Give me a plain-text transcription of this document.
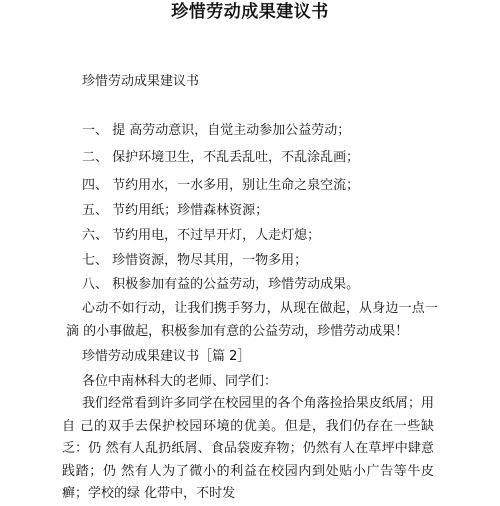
珍惜劳动成果建议书
珍惜劳动成果建议书
一、 提 高劳动意识，自觉主动参加公益劳动；
二、 保护环境卫生，不乱丢乱吐，不乱涂乱画；
四、 节约用水，一水多用，别让生命之泉空流；
五、 节约用纸；珍惜森林资源；
六、 节约用电，不过早开灯，人走灯熄；
七、 珍惜资源，物尽其用，一物多用；
八、 积极参加有益的公益劳动，珍惜劳动成果。
心动不如行动，让我们携手努力，从现在做起，从身边一点一滴 的小事做起，积极参加有意的公益劳动，珍惜劳动成果！
珍惜劳动成果建议书［篇 2］
各位中南林科大的老师、同学们：
我们经常看到许多同学在校园里的各个角落捡拾果皮纸屑；用自 己的双手去保护校园环境的优美。但是，我们仍存在一些缺乏：仍 然有人乱扔纸屑、食品袋废弃物；仍然有人在草坪中肆意践踏；仍 然有人为了微小的利益在校园内到处贴小广告等牛皮癣；学校的绿 化带中，不时发
